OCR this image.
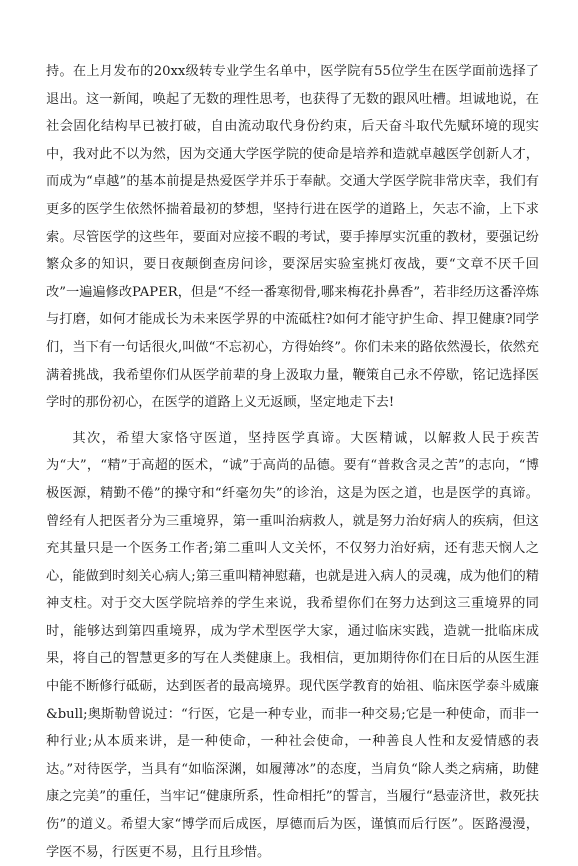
持。在上月发布的20xx级转专业学生名单中，医学院有55位学生在医学面前选择了退出。这一新闻，唤起了无数的理性思考，也获得了无数的跟风吐槽。坦诚地说，在社会固化结构早已被打破，自由流动取代身份约束，后天奋斗取代先赋环境的现实中，我对此不以为然，因为交通大学医学院的使命是培养和造就卓越医学创新人才，而成为“卓越”的基本前提是热爱医学并乐于奉献。交通大学医学院非常庆幸，我们有更多的医学生依然怀揣着最初的梦想，坚持行进在医学的道路上，矢志不渝，上下求索。尽管医学的这些年，要面对应接不暇的考试，要手捧厚实沉重的教材，要强记纷繁众多的知识，要日夜颠倒查房问诊，要深居实验室挑灯夜战，要“文章不厌千回改”一遍遍修改PAPER，但是“不经一番寒彻骨,哪来梅花扑鼻香”，若非经历这番淬炼与打磨，如何才能成长为未来医学界的中流砥柱?如何才能守护生命、捍卫健康?同学们，当下有一句话很火,叫做“不忘初心，方得始终”。你们未来的路依然漫长，依然充满着挑战，我希望你们从医学前辈的身上汲取力量，鞭策自己永不停歇，铭记选择医学时的那份初心，在医学的道路上义无返顾，坚定地走下去!

其次，希望大家恪守医道，坚持医学真谛。大医精诚，以解救人民于疾苦为“大”，“精”于高超的医术，“诚”于高尚的品德。要有“普救含灵之苦”的志向，“博极医源，精勤不倦”的操守和“纤毫勿失”的诊治，这是为医之道，也是医学的真谛。曾经有人把医者分为三重境界，第一重叫治病救人，就是努力治好病人的疾病，但这充其量只是一个医务工作者;第二重叫人文关怀，不仅努力治好病，还有悲天悯人之心，能做到时刻关心病人;第三重叫精神慰藉，也就是进入病人的灵魂，成为他们的精神支柱。对于交大医学院培养的学生来说，我希望你们在努力达到这三重境界的同时，能够达到第四重境界，成为学术型医学大家，通过临床实践，造就一批临床成果，将自己的智慧更多的写在人类健康上。我相信，更加期待你们在日后的从医生涯中能不断修行砥砺，达到医者的最高境界。现代医学教育的始祖、临床医学泰斗威廉&bull;奥斯勒曾说过：“行医，它是一种专业，而非一种交易;它是一种使命，而非一种行业;从本质来讲，是一种使命，一种社会使命，一种善良人性和友爱情感的表达。”对待医学，当具有“如临深渊，如履薄冰”的态度，当肩负“除人类之病痛，助健康之完美”的重任，当牢记“健康所系，性命相托”的誓言，当履行“悬壶济世，救死扶伤”的道义。希望大家“博学而后成医，厚德而后为医，谨慎而后行医”。医路漫漫，学医不易，行医更不易，且行且珍惜。
